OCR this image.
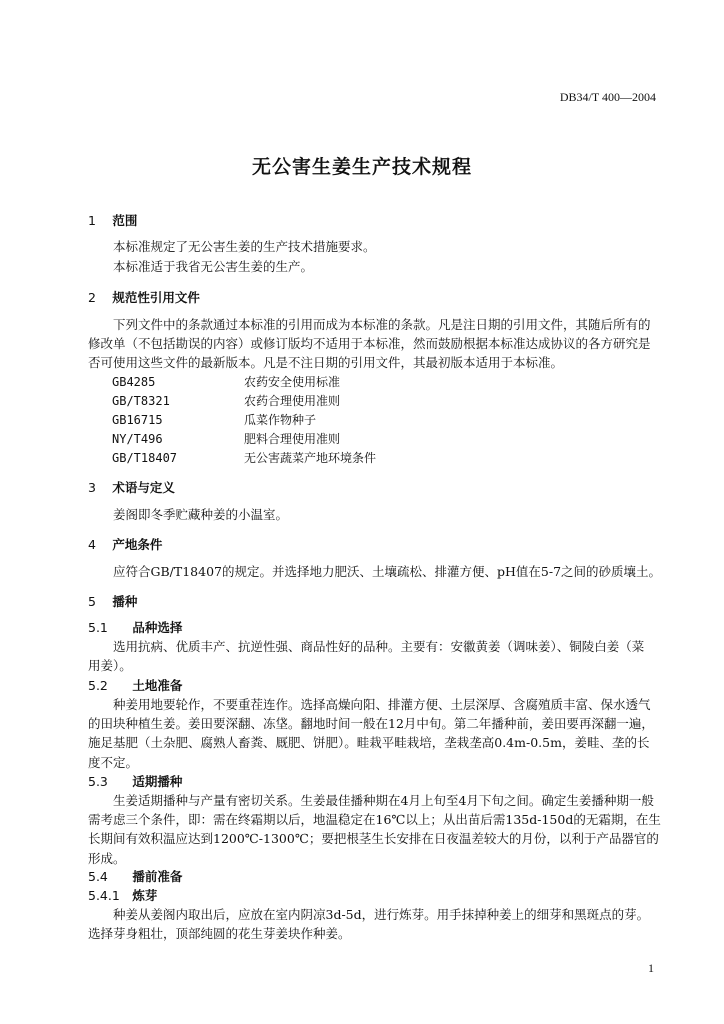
DB34/T 400—2004
无公害生姜生产技术规程
1 范围
本标准规定了无公害生姜的生产技术措施要求。
本标准适于我省无公害生姜的生产。
2 规范性引用文件
下列文件中的条款通过本标准的引用而成为本标准的条款。凡是注日期的引用文件，其随后所有的
修改单（不包括勘误的内容）或修订版均不适用于本标准，然而鼓励根据本标准达成协议的各方研究是
否可使用这些文件的最新版本。凡是不注日期的引用文件，其最初版本适用于本标准。
GB4285	农药安全使用标准
GB/T8321	农药合理使用准则
GB16715	瓜菜作物种子
NY/T496	肥料合理使用准则
GB/T18407	无公害蔬菜产地环境条件
3 术语与定义
姜阁即冬季贮藏种姜的小温室。
4 产地条件
应符合GB/T18407的规定。并选择地力肥沃、土壤疏松、排灌方便、pH值在5-7之间的砂质壤土。
5 播种
5.1 品种选择
选用抗病、优质丰产、抗逆性强、商品性好的品种。主要有：安徽黄姜（调味姜）、铜陵白姜（菜
用姜）。
5.2 土地准备
种姜用地要轮作，不要重茬连作。选择高燥向阳、排灌方便、土层深厚、含腐殖质丰富、保水透气
的田块种植生姜。姜田要深翻、冻垡。翻地时间一般在12月中旬。第二年播种前，姜田要再深翻一遍，
施足基肥（土杂肥、腐熟人畜粪、厩肥、饼肥）。畦栽平畦栽培，垄栽垄高0.4m-0.5m，姜畦、垄的长
度不定。
5.3 适期播种
生姜适期播种与产量有密切关系。生姜最佳播种期在4月上旬至4月下旬之间。确定生姜播种期一般
需考虑三个条件，即：需在终霜期以后，地温稳定在16℃以上；从出苗后需135d-150d的无霜期，在生
长期间有效积温应达到1200℃-1300℃；要把根茎生长安排在日夜温差较大的月份，以利于产品器官的
形成。
5.4 播前准备
5.4.1 炼芽
种姜从姜阁内取出后，应放在室内阴凉3d-5d，进行炼芽。用手抹掉种姜上的细芽和黑斑点的芽。
选择芽身粗壮，顶部纯圆的花生芽姜块作种姜。
1
